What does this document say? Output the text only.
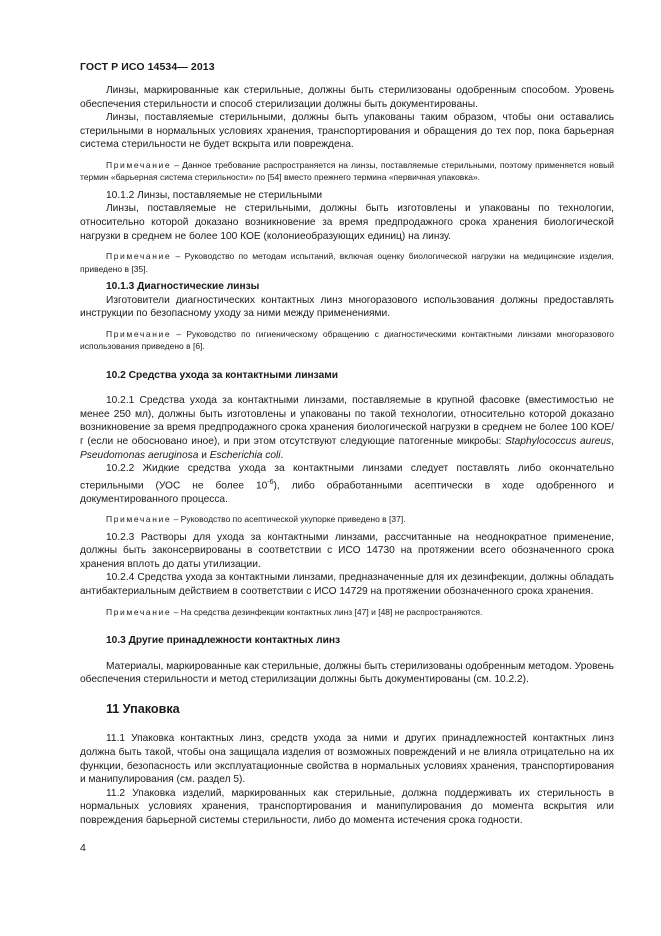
ГОСТ Р ИСО 14534— 2013

Линзы, маркированные как стерильные, должны быть стерилизованы одобренным способом. Уровень обеспечения стерильности и способ стерилизации должны быть документированы.

Линзы, поставляемые стерильными, должны быть упакованы таким образом, чтобы они оставались стерильными в нормальных условиях хранения, транспортирования и обращения до тех пор, пока барьерная система стерильности не будет вскрыта или повреждена.

Примечание – Данное требование распространяется на линзы, поставляемые стерильными, поэтому применяется новый термин «барьерная система стерильности» по [54] вместо прежнего термина «первичная упаковка».

10.1.2 Линзы, поставляемые не стерильными

Линзы, поставляемые не стерильными, должны быть изготовлены и упакованы по технологии, относительно которой доказано возникновение за время предпродажного срока хранения биологической нагрузки в среднем не более 100 КОЕ (колониеобразующих единиц) на линзу.

Примечание – Руководство по методам испытаний, включая оценку биологической нагрузки на медицинские изделия, приведено в [35].

10.1.3 Диагностические линзы

Изготовители диагностических контактных линз многоразового использования должны предоставлять инструкции по безопасному уходу за ними между применениями.

Примечание – Руководство по гигиеническому обращению с диагностическими контактными линзами многоразового использования приведено в [6].

10.2 Средства ухода за контактными линзами

10.2.1 Средства ухода за контактными линзами, поставляемые в крупной фасовке (вместимостью не менее 250 мл), должны быть изготовлены и упакованы по такой технологии, относительно которой доказано возникновение за время предпродажного срока хранения биологической нагрузки в среднем не более 100 КОЕ/г (если не обосновано иное), и при этом отсутствуют следующие патогенные микробы: Staphylococcus aureus, Pseudomonas aeruginosa и Escherichia coli.

10.2.2 Жидкие средства ухода за контактными линзами следует поставлять либо окончательно стерильными (УОС не более $10^{-6}$), либо обработанными асептически в ходе одобренного и документированного процесса.

Примечание – Руководство по асептической укупорке приведено в [37].

10.2.3 Растворы для ухода за контактными линзами, рассчитанные на неоднократное применение, должны быть законсервированы в соответствии с ИСО 14730 на протяжении всего обозначенного срока хранения вплоть до даты утилизации.

10.2.4 Средства ухода за контактными линзами, предназначенные для их дезинфекции, должны обладать антибактериальным действием в соответствии с ИСО 14729 на протяжении обозначенного срока хранения.

Примечание – На средства дезинфекции контактных линз [47] и [48] не распространяются.

10.3 Другие принадлежности контактных линз

Материалы, маркированные как стерильные, должны быть стерилизованы одобренным методом. Уровень обеспечения стерильности и метод стерилизации должны быть документированы (см. 10.2.2).

11 Упаковка

11.1 Упаковка контактных линз, средств ухода за ними и других принадлежностей контактных линз должна быть такой, чтобы она защищала изделия от возможных повреждений и не влияла отрицательно на их функции, безопасность или эксплуатационные свойства в нормальных условиях хранения, транспортирования и манипулирования (см. раздел 5).

11.2 Упаковка изделий, маркированных как стерильные, должна поддерживать их стерильность в нормальных условиях хранения, транспортирования и манипулирования до момента вскрытия или повреждения барьерной системы стерильности, либо до момента истечения срока годности.

4
